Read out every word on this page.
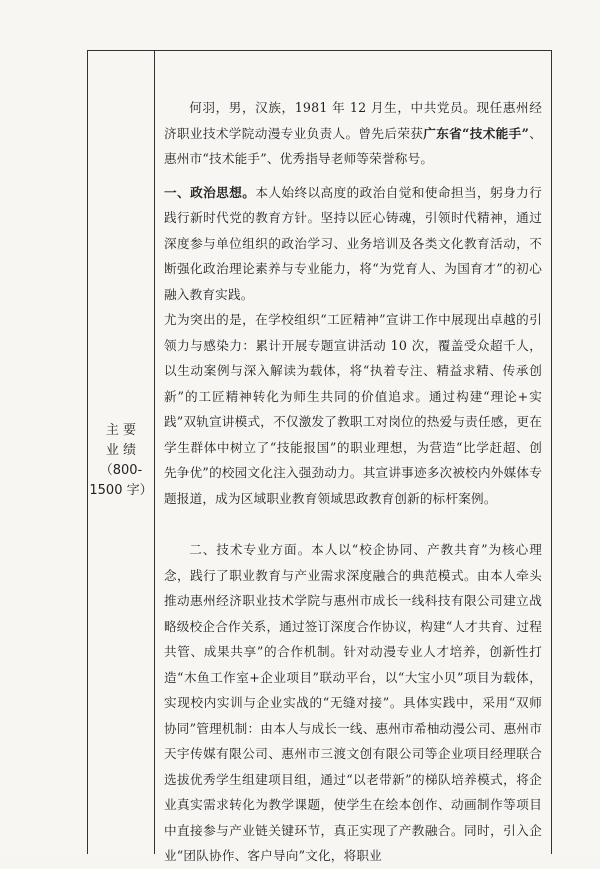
主 要
业 绩
（800-
1500 字）

何羽，男，汉族，1981 年 12 月生，中共党员。现任惠州经济职业技术学院动漫专业负责人。曾先后荣获广东省“技术能手”、惠州市“技术能手”、优秀指导老师等荣誉称号。

一、政治思想。本人始终以高度的政治自觉和使命担当，躬身力行践行新时代党的教育方针。坚持以匠心铸魂，引领时代精神，通过深度参与单位组织的政治学习、业务培训及各类文化教育活动，不断强化政治理论素养与专业能力，将“为党育人、为国育才”的初心融入教育实践。

尤为突出的是，在学校组织“工匠精神”宣讲工作中展现出卓越的引领力与感染力：累计开展专题宣讲活动 10 次，覆盖受众超千人，以生动案例与深入解读为载体，将“执着专注、精益求精、传承创新”的工匠精神转化为师生共同的价值追求。通过构建“理论+实践”双轨宣讲模式，不仅激发了教职工对岗位的热爱与责任感，更在学生群体中树立了“技能报国”的职业理想，为营造“比学赶超、创先争优”的校园文化注入强劲动力。其宣讲事迹多次被校内外媒体专题报道，成为区域职业教育领域思政教育创新的标杆案例。

二、技术专业方面。本人以“校企协同、产教共育”为核心理念，践行了职业教育与产业需求深度融合的典范模式。由本人牵头推动惠州经济职业技术学院与惠州市成长一线科技有限公司建立战略级校企合作关系，通过签订深度合作协议，构建“人才共育、过程共管、成果共享”的合作机制。针对动漫专业人才培养，创新性打造“木鱼工作室+企业项目”联动平台，以“大宝小贝”项目为载体，实现校内实训与企业实战的“无缝对接”。具体实践中，采用“双师协同”管理机制：由本人与成长一线、惠州市希柚动漫公司、惠州市天宇传媒有限公司、惠州市三渡文创有限公司等企业项目经理联合选拔优秀学生组建项目组，通过“以老带新”的梯队培养模式，将企业真实需求转化为教学课题，使学生在绘本创作、动画制作等项目中直接参与产业链关键环节，真正实现了产教融合。同时，引入企业“团队协作、客户导向”文化，将职业
